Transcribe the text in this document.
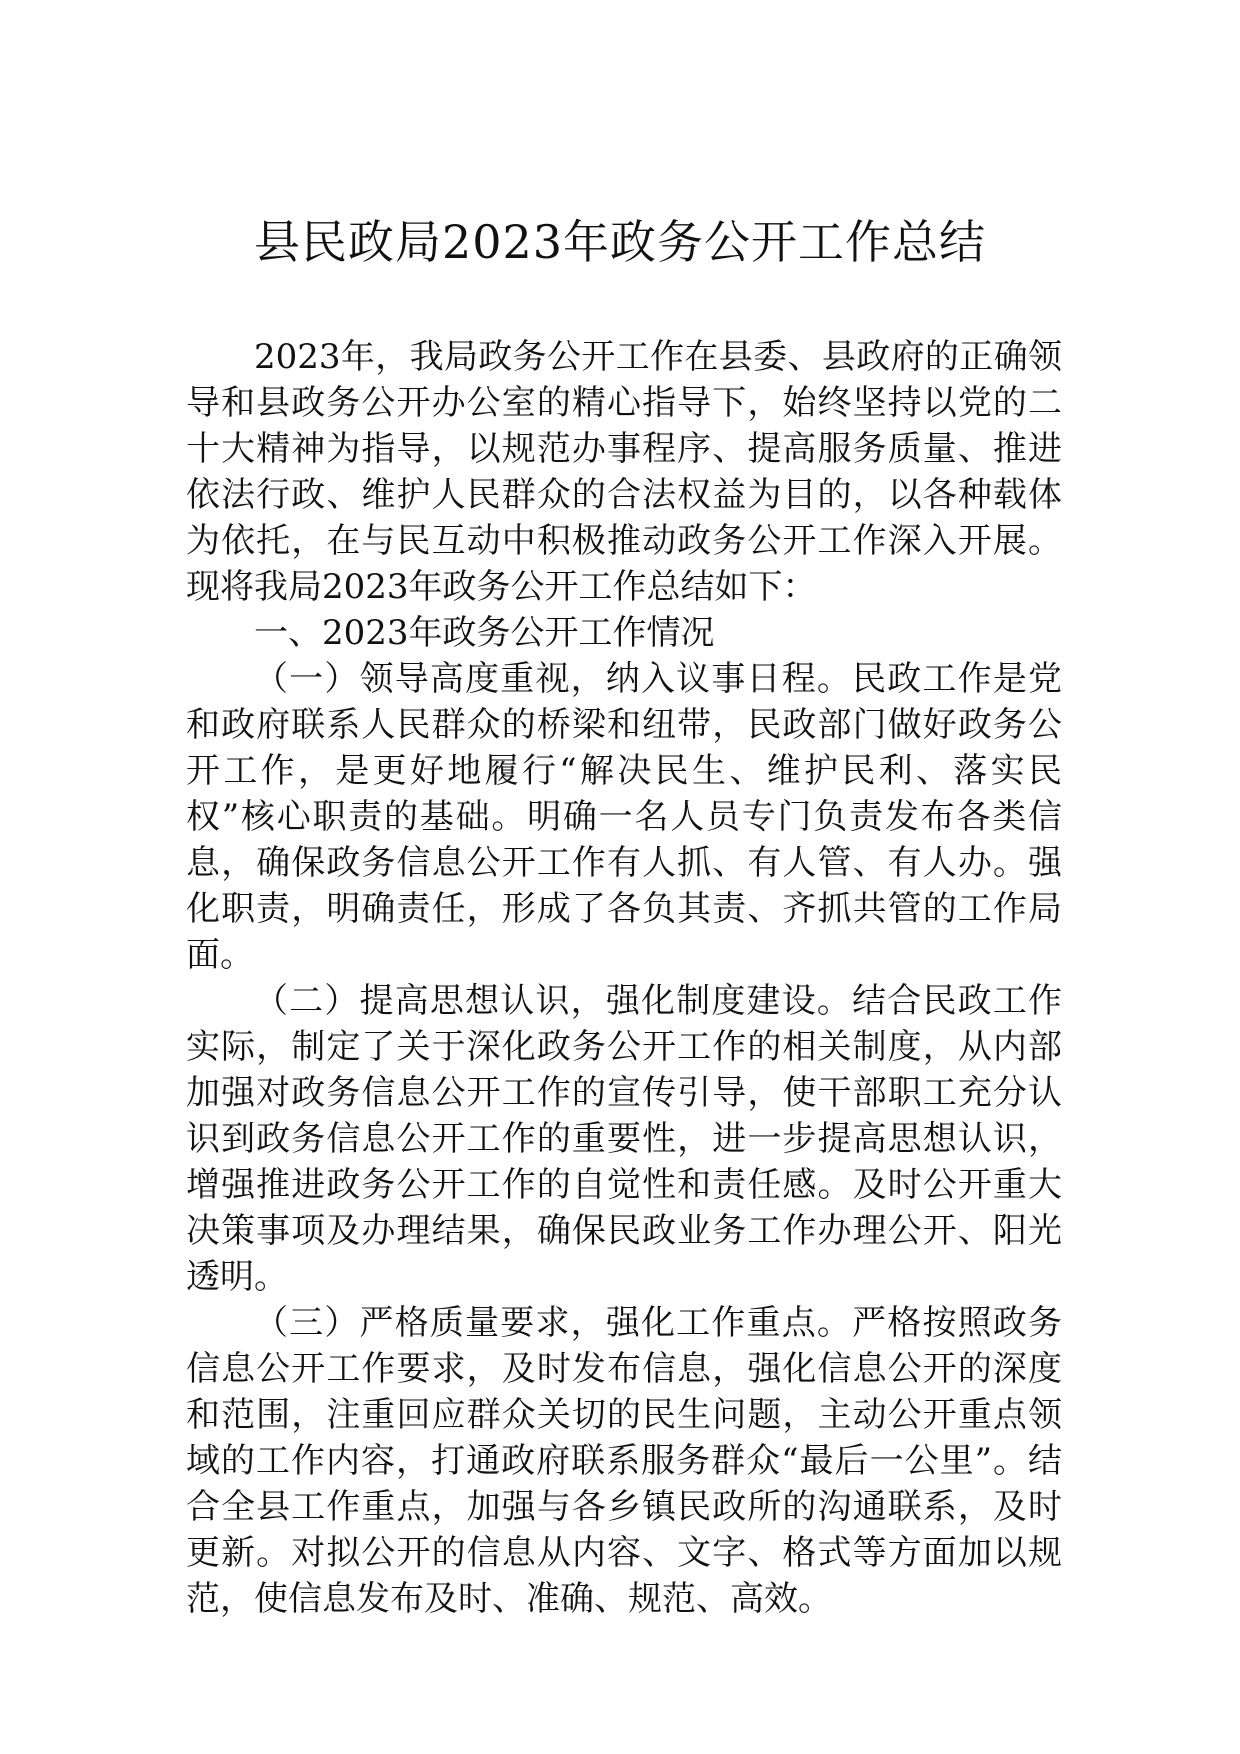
县民政局2023年政务公开工作总结

2023年，我局政务公开工作在县委、县政府的正确领导和县政务公开办公室的精心指导下，始终坚持以党的二十大精神为指导，以规范办事程序、提高服务质量、推进依法行政、维护人民群众的合法权益为目的，以各种载体为依托，在与民互动中积极推动政务公开工作深入开展。现将我局2023年政务公开工作总结如下：

一、2023年政务公开工作情况

（一）领导高度重视，纳入议事日程。民政工作是党和政府联系人民群众的桥梁和纽带，民政部门做好政务公开工作，是更好地履行“解决民生、维护民利、落实民权”核心职责的基础。明确一名人员专门负责发布各类信息，确保政务信息公开工作有人抓、有人管、有人办。强化职责，明确责任，形成了各负其责、齐抓共管的工作局面。

（二）提高思想认识，强化制度建设。结合民政工作实际，制定了关于深化政务公开工作的相关制度，从内部加强对政务信息公开工作的宣传引导，使干部职工充分认识到政务信息公开工作的重要性，进一步提高思想认识，增强推进政务公开工作的自觉性和责任感。及时公开重大决策事项及办理结果，确保民政业务工作办理公开、阳光透明。

（三）严格质量要求，强化工作重点。严格按照政务信息公开工作要求，及时发布信息，强化信息公开的深度和范围，注重回应群众关切的民生问题，主动公开重点领域的工作内容，打通政府联系服务群众“最后一公里”。结合全县工作重点，加强与各乡镇民政所的沟通联系，及时更新。对拟公开的信息从内容、文字、格式等方面加以规范，使信息发布及时、准确、规范、高效。
